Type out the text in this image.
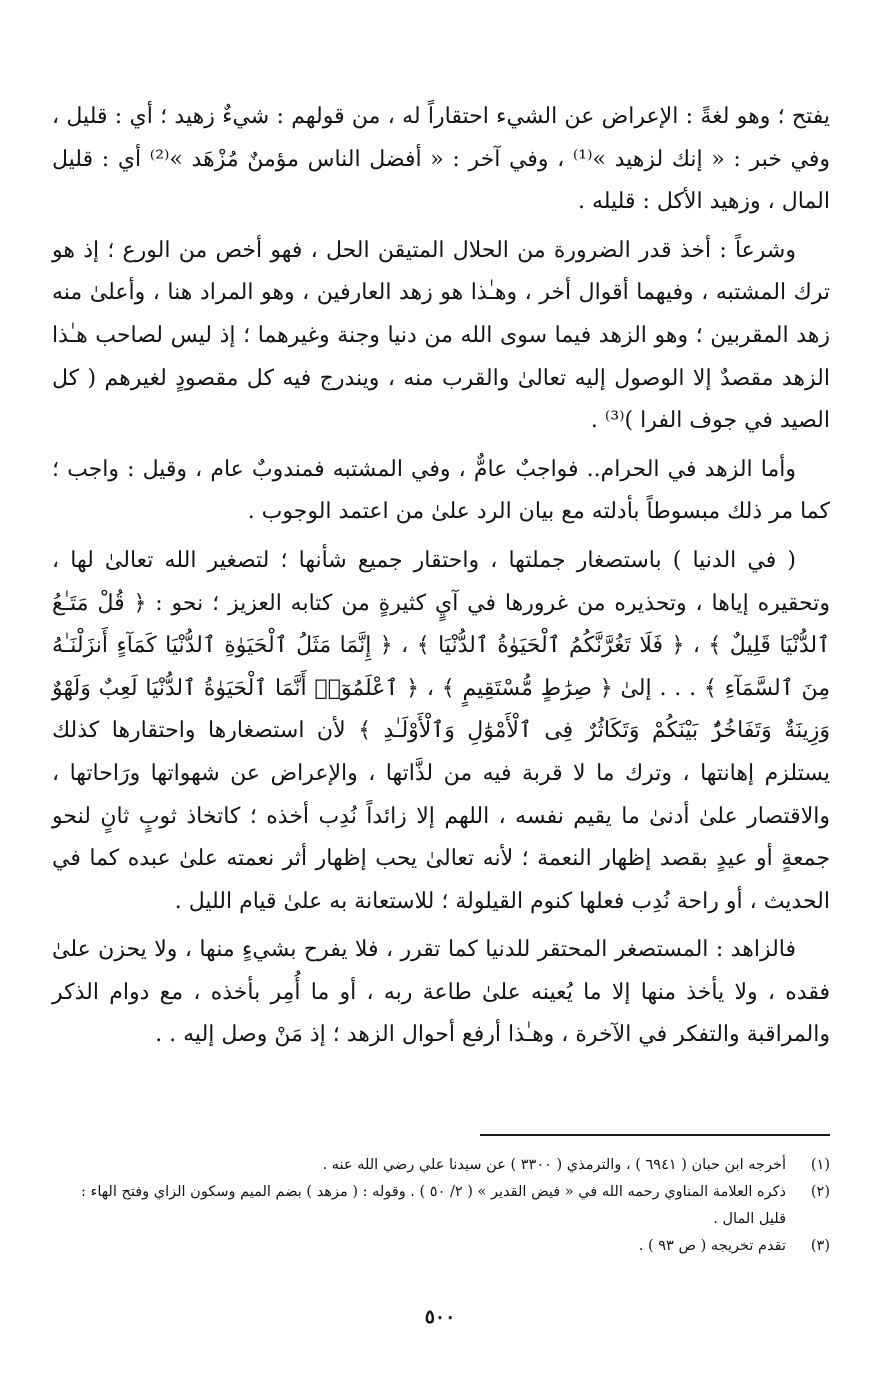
يفتح ؛ وهو لغةً : الإعراض عن الشيء احتقاراً له ، من قولهم : شيءٌ زهيد ؛ أي : قليل ، وفي خبر : « إنك لزهيد »⁽¹⁾ ، وفي آخر : « أفضل الناس مؤمنٌ مُزْهَد »⁽²⁾ أي : قليل المال ، وزهيد الأكل : قليله .

وشرعاً : أخذ قدر الضرورة من الحلال المتيقن الحل ، فهو أخص من الورع ؛ إذ هو ترك المشتبه ، وفيهما أقوال أخر ، وهـٰذا هو زهد العارفين ، وهو المراد هنا ، وأعلىٰ منه زهد المقربين ؛ وهو الزهد فيما سوى الله من دنيا وجنة وغيرهما ؛ إذ ليس لصاحب هـٰذا الزهد مقصدٌ إلا الوصول إليه تعالىٰ والقرب منه ، ويندرج فيه كل مقصودٍ لغيرهم ( كل الصيد في جوف الفرا )⁽³⁾ .

وأما الزهد في الحرام.. فواجبٌ عامٌّ ، وفي المشتبه فمندوبٌ عام ، وقيل : واجب ؛ كما مر ذلك مبسوطاً بأدلته مع بيان الرد علىٰ من اعتمد الوجوب .

( في الدنيا ) باستصغار جملتها ، واحتقار جميع شأنها ؛ لتصغير الله تعالىٰ لها ، وتحقيره إياها ، وتحذيره من غرورها في آيٍ كثيرةٍ من كتابه العزيز ؛ نحو : ﴿ قُلْ مَتَـٰعُ ٱلدُّنْيَا قَلِيلٌ ﴾ ، ﴿ فَلَا تَغُرَّنَّكُمُ ٱلْحَيَوٰةُ ٱلدُّنْيَا ﴾ ، ﴿ إِنَّمَا مَثَلُ ٱلْحَيَوٰةِ ٱلدُّنْيَا كَمَآءٍ أَنزَلْنَـٰهُ مِنَ ٱلسَّمَآءِ ﴾ . . . إلىٰ ﴿ صِرَٰطٍ مُّسْتَقِيمٍ ﴾ ، ﴿ ٱعْلَمُوٓا۟ أَنَّمَا ٱلْحَيَوٰةُ ٱلدُّنْيَا لَعِبٌ وَلَهْوٌ وَزِينَةٌ وَتَفَاخُرٌۢ بَيْنَكُمْ وَتَكَاثُرٌ فِى ٱلْأَمْوَٰلِ وَٱلْأَوْلَـٰدِ ﴾ لأن استصغارها واحتقارها كذلك يستلزم إهانتها ، وترك ما لا قربة فيه من لذَّاتها ، والإعراض عن شهواتها ورَاحاتها ، والاقتصار علىٰ أدنىٰ ما يقيم نفسه ، اللهم إلا زائداً نُدِب أخذه ؛ كاتخاذ ثوبٍ ثانٍ لنحو جمعةٍ أو عيدٍ بقصد إظهار النعمة ؛ لأنه تعالىٰ يحب إظهار أثر نعمته علىٰ عبده كما في الحديث ، أو راحة نُدِب فعلها كنوم القيلولة ؛ للاستعانة به علىٰ قيام الليل .

فالزاهد : المستصغر المحتقر للدنيا كما تقرر ، فلا يفرح بشيءٍ منها ، ولا يحزن علىٰ فقده ، ولا يأخذ منها إلا ما يُعينه علىٰ طاعة ربه ، أو ما أُمِر بأخذه ، مع دوام الذكر والمراقبة والتفكر في الآخرة ، وهـٰذا أرفع أحوال الزهد ؛ إذ مَنْ وصل إليه . .

(١)
أخرجه ابن حبان ( ٦٩٤١ ) ، والترمذي ( ٣٣٠٠ ) عن سيدنا علي رضي الله عنه .
(٢)
ذكره العلامة المناوي رحمه الله في « فيض القدير » ( ٢/ ٥٠ ) . وقوله : ( مزهد ) بضم الميم وسكون الزاي وفتح الهاء : قليل المال .
(٣)
تقدم تخريجه ( ص ٩٣ ) .
٥٠٠
